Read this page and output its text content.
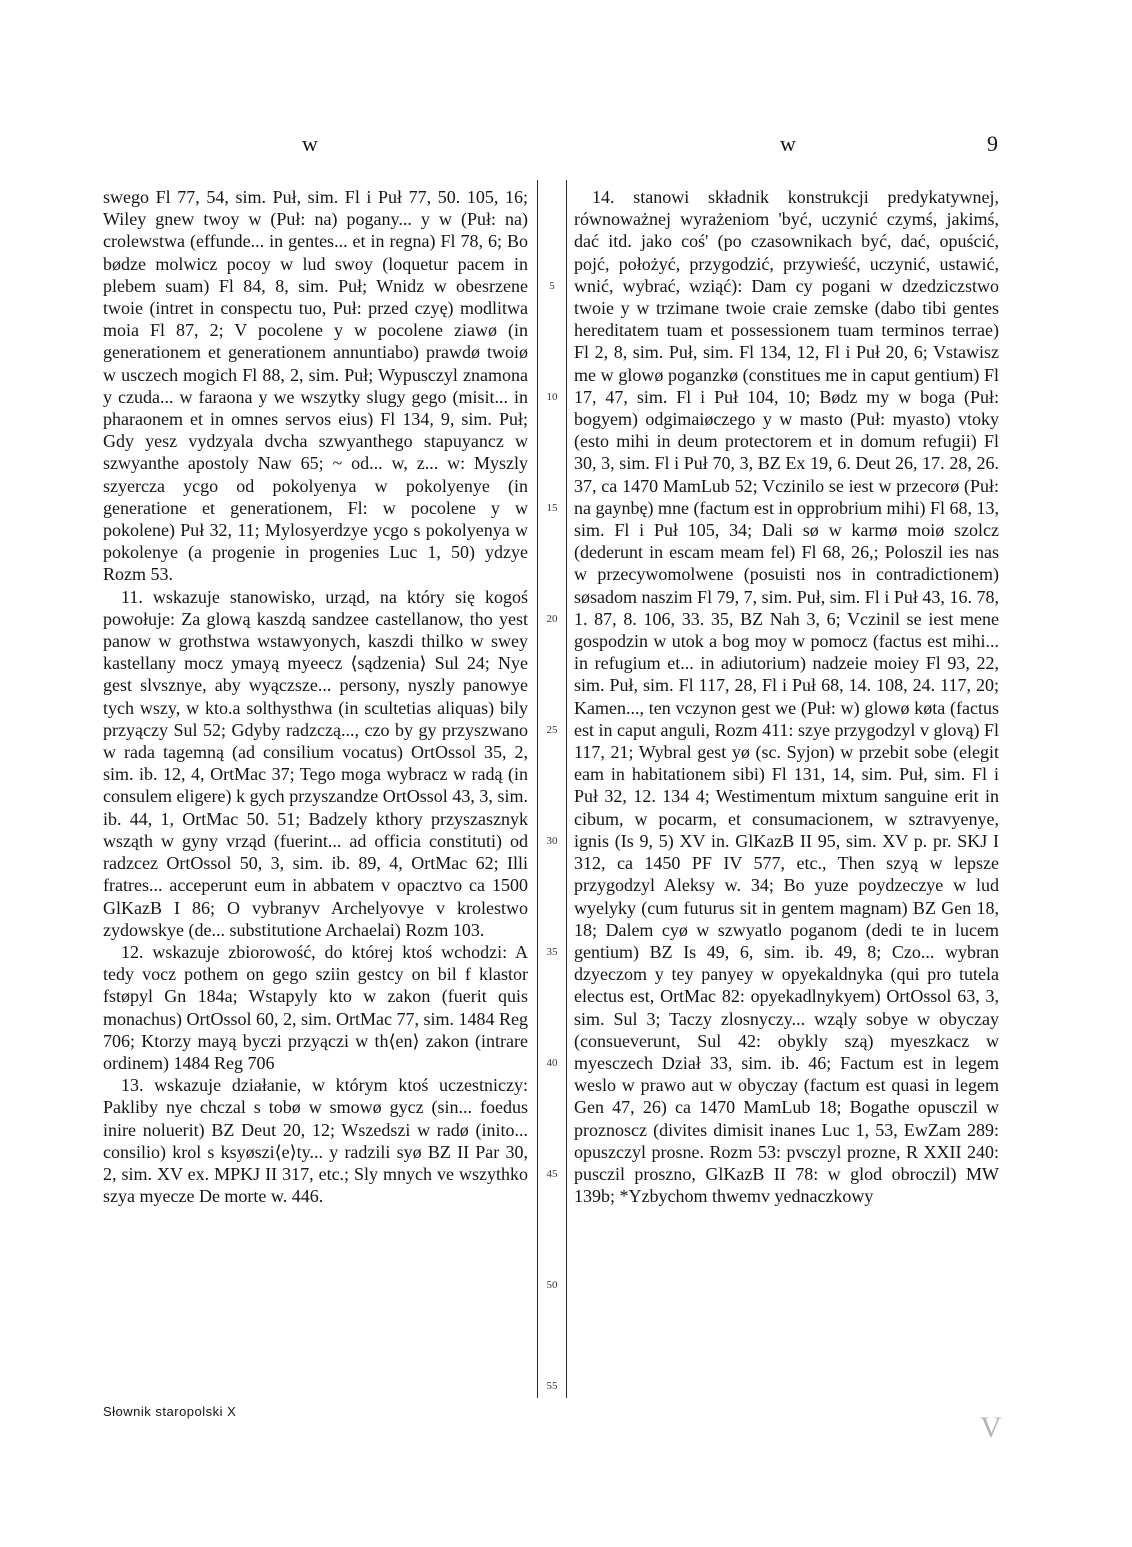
w	w	9

swego Fl 77, 54, sim. Puł, sim. Fl i Puł 77, 50. 105, 16; Wiley gnew twoy w (Puł: na) pogany... y w (Puł: na) crolewstwa (effunde... in gentes... et in regna) Fl 78, 6; Bo bødze molwicz pocoy w lud swoy (loquetur pacem in plebem suam) Fl 84, 8, sim. Puł; Wnidz w obesrzene twoie (intret in conspectu tuo, Puł: przed czyę) modlitwa moia Fl 87, 2; V pocolene y w pocolene ziawø (in generationem et generationem annuntiabo) prawdø twoiø w usczech mogich Fl 88, 2, sim. Puł; Wypusczyl znamona y czuda... w faraona y we wszytky slugy gego (misit... in pharaonem et in omnes servos eius) Fl 134, 9, sim. Puł; Gdy yesz vydzyala dvcha szwyanthego stapuyancz w szwyanthe apostoly Naw 65; ~ od... w, z... w: Myszly szyercza ycgo od pokolyenya w pokolyenye (in generatione et generationem, Fl: w pocolene y w pokolene) Puł 32, 11; Mylosyerdzye ycgo s pokolyenya w pokolenye (a progenie in progenies Luc 1, 50) ydzye Rozm 53.

11. wskazuje stanowisko, urząd, na który się kogoś powołuje: Za glową kaszdą sandzee castellanow, tho yest panow w grothstwa wstawyonych, kaszdi thilko w swey kastellany mocz ymayą myeecz ⟨sądzenia⟩ Sul 24; Nye gest slvsznye, aby wyączsze... persony, nyszly panowye tych wszy, w kto.a solthysthwa (in scultetias aliquas) bily przyączy Sul 52; Gdyby radzczą..., czo by gy przyszwano w rada tagemną (ad consilium vocatus) OrtOssol 35, 2, sim. ib. 12, 4, OrtMac 37; Tego moga wybracz w radą (in consulem eligere) k gych przyszandze OrtOssol 43, 3, sim. ib. 44, 1, OrtMac 50. 51; Badzely kthory przyszasznyk wsząth w gyny vrząd (fuerint... ad officia constituti) od radzcez OrtOssol 50, 3, sim. ib. 89, 4, OrtMac 62; Illi fratres... acceperunt eum in abbatem v opacztvo ca 1500 GlKazB I 86; O vybranyv Archelyovye v krolestwo zydowskye (de... substitutione Archaelai) Rozm 103.

12. wskazuje zbiorowość, do której ktoś wchodzi: A tedy vocz pothem on gego sziin gestcy on bil f klastor fstøpyl Gn 184a; Wstapyly kto w zakon (fuerit quis monachus) OrtOssol 60, 2, sim. OrtMac 77, sim. 1484 Reg 706; Ktorzy mayą byczi przyączi w th⟨en⟩ zakon (intrare ordinem) 1484 Reg 706

13. wskazuje działanie, w którym ktoś uczestniczy: Pakliby nye chczal s tobø w smowø gycz (sin... foedus inire noluerit) BZ Deut 20, 12; Wszedszi w radø (inito... consilio) krol s ksyøszi⟨e⟩ty... y radzili syø BZ II Par 30, 2, sim. XV ex. MPKJ II 317, etc.; Sly mnych ve wszythko szya myecze De morte w. 446.

5
10
15
20
25
30
35
40
45
50
55

14. stanowi składnik konstrukcji predykatywnej, równoważnej wyrażeniom 'być, uczynić czymś, jakimś, dać itd. jako coś' (po czasownikach być, dać, opuścić, pojć, położyć, przygodzić, przywieść, uczynić, ustawić, wnić, wybrać, wziąć): Dam cy pogani w dzedziczstwo twoie y w trzimane twoie craie zemske (dabo tibi gentes hereditatem tuam et possessionem tuam terminos terrae) Fl 2, 8, sim. Puł, sim. Fl 134, 12, Fl i Puł 20, 6; Vstawisz me w glowø poganzkø (constitues me in caput gentium) Fl 17, 47, sim. Fl i Puł 104, 10; Bødz my w boga (Puł: bogyem) odgimaiøczego y w masto (Puł: myasto) vtoky (esto mihi in deum protectorem et in domum refugii) Fl 30, 3, sim. Fl i Puł 70, 3, BZ Ex 19, 6. Deut 26, 17. 28, 26. 37, ca 1470 MamLub 52; Vczinilo se iest w przecorø (Puł: na gaynbę) mne (factum est in opprobrium mihi) Fl 68, 13, sim. Fl i Puł 105, 34; Dali sø w karmø moiø szolcz (dederunt in escam meam fel) Fl 68, 26,; Poloszil ies nas w przecywomolwene (posuisti nos in contradictionem) søsadom naszim Fl 79, 7, sim. Puł, sim. Fl i Puł 43, 16. 78, 1. 87, 8. 106, 33. 35, BZ Nah 3, 6; Vczinil se iest mene gospodzin w utok a bog moy w pomocz (factus est mihi... in refugium et... in adiutorium) nadzeie moiey Fl 93, 22, sim. Puł, sim. Fl 117, 28, Fl i Puł 68, 14. 108, 24. 117, 20; Kamen..., ten vczynon gest we (Puł: w) glowø køta (factus est in caput anguli, Rozm 411: szye przygodzyl v glovą) Fl 117, 21; Wybral gest yø (sc. Syjon) w przebit sobe (elegit eam in habitationem sibi) Fl 131, 14, sim. Puł, sim. Fl i Puł 32, 12. 134 4; Westimentum mixtum sanguine erit in cibum, w pocarm, et consumacionem, w sztravyenye, ignis (Is 9, 5) XV in. GlKazB II 95, sim. XV p. pr. SKJ I 312, ca 1450 PF IV 577, etc., Then szyą w lepsze przygodzyl Aleksy w. 34; Bo yuze poydzeczye w lud wyelyky (cum futurus sit in gentem magnam) BZ Gen 18, 18; Dalem cyø w szwyatlo poganom (dedi te in lucem gentium) BZ Is 49, 6, sim. ib. 49, 8; Czo... wybran dzyeczom y tey panyey w opyekaldnyka (qui pro tutela electus est, OrtMac 82: opyekadlnykyem) OrtOssol 63, 3, sim. Sul 3; Taczy zlosnyczy... wząly sobye w obyczay (consueverunt, Sul 42: obykly szą) myeszkacz w myesczech Dział 33, sim. ib. 46; Factum est in legem weslo w prawo aut w obyczay (factum est quasi in legem Gen 47, 26) ca 1470 MamLub 18; Bogathe opusczil w proznoscz (divites dimisit inanes Luc 1, 53, EwZam 289: opuszczyl prosne. Rozm 53: pvsczyl prozne, R XXII 240: pusczil proszno, GlKazB II 78: w glod obroczil) MW 139b; *Yzbychom thwemv yednaczkowy

Słownik staropolski X	V
